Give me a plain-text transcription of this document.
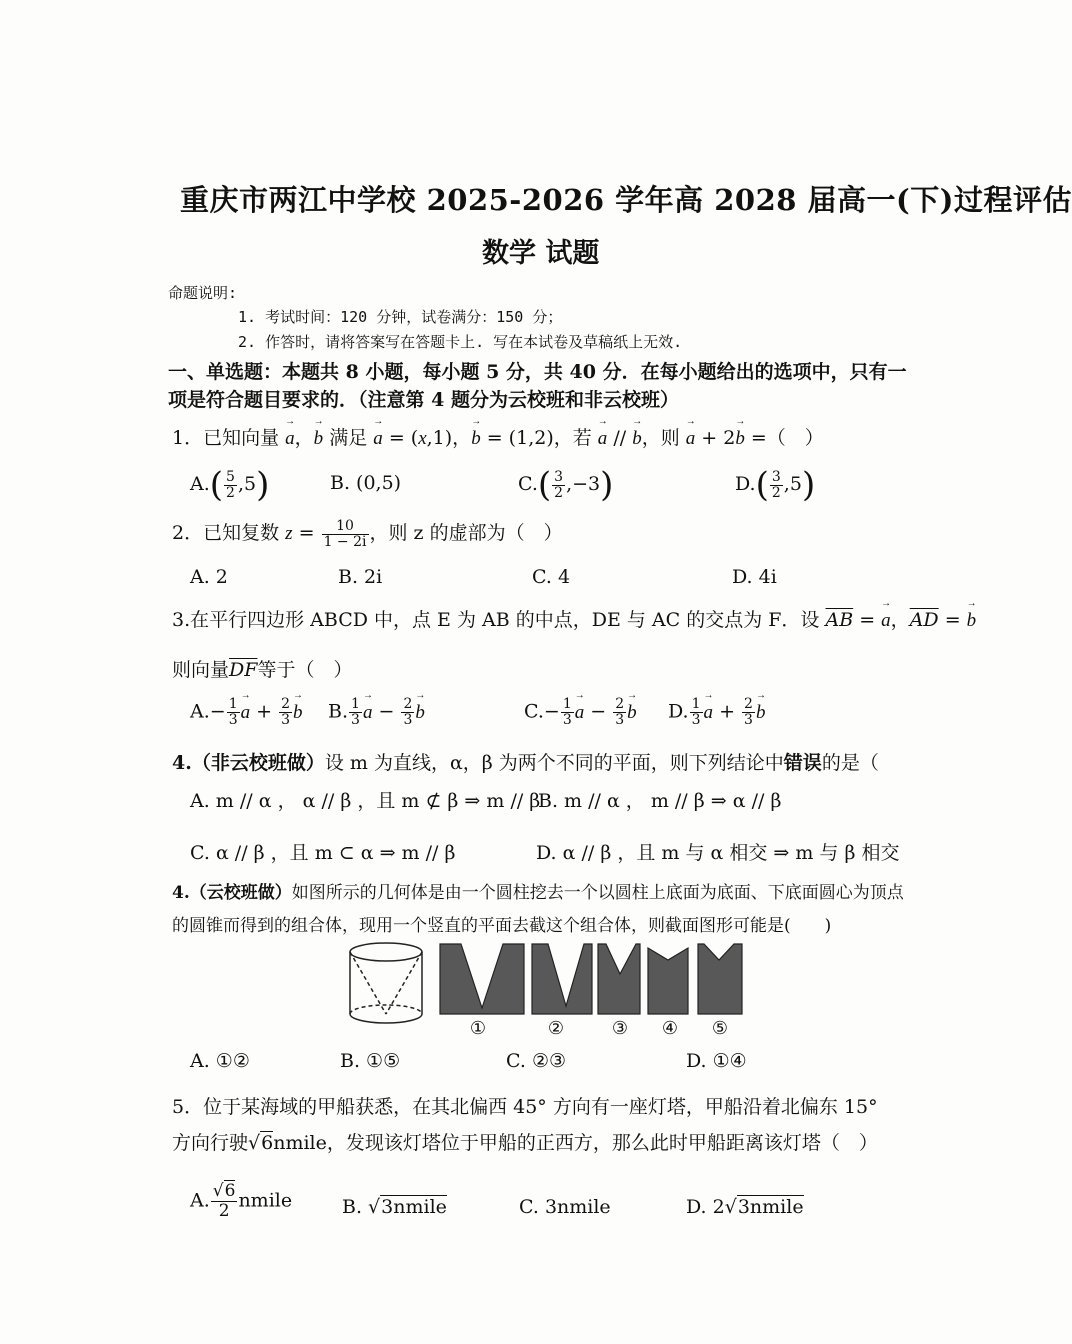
重庆市两江中学校 2025-2026 学年高 2028 届高一(下)过程评估
数学 试题
命题说明:
1. 考试时间：120 分钟，试卷满分：150 分；
2. 作答时，请将答案写在答题卡上. 写在本试卷及草稿纸上无效.
一、单选题：本题共 8 小题，每小题 5 分，共 40 分．在每小题给出的选项中，只有一
项是符合题目要求的．（注意第 4 题分为云校班和非云校班）
1．已知向量 → a，→ b 满足 → a = (x,1)，→ b = (1,2)，若 → a // → b，则 → a + 2→ b =（　）
$A.( \frac{5}{2} ,5)$	B. (0,5)	$C.( \frac{3}{2} ,-3)$	$D.( \frac{3}{2} ,5)$
2．已知复数 $z = \frac{10}{1 - 2i}$ ，则 z 的虚部为（　）
A. 2	B. 2i	C. 4	D. 4i
3.在平行四边形 ABCD 中，点 E 为 AB 的中点，DE 与 AC 的交点为 F．设 $\overline{AB}$ = → a，$\overline{AD}$ = → b
则向量$\overline{DF}$等于（　）
$A.- \frac{1}{3} \to a + \frac{2}{3} \to b$ B. $\frac{1}{3} \to a - \frac{2}{3} \to b$	$C.- \frac{1}{3} \to a - \frac{2}{3} \to b$ D. $\frac{1}{3} \to a + \frac{2}{3} \to b$
4.（非云校班做）设 m 为直线，α，β 为两个不同的平面，则下列结论中错误的是（
A. m // α ， α // β ，且 m ⊄ β ⇒ m // β
B. m // α ， m // β ⇒ α // β
C. α // β ，且 m ⊂ α ⇒ m // β	D. α // β ，且 m 与 α 相交 ⇒ m 与 β 相交
4.（云校班做）如图所示的几何体是由一个圆柱挖去一个以圆柱上底面为底面、下底面圆心为顶点
的圆锥而得到的组合体，现用一个竖直的平面去截这个组合体，则截面图形可能是(　　)
①	②	③ ④ ⑤
A. ①②	B. ①⑤	C. ②③	D. ①④
5．位于某海域的甲船获悉，在其北偏西 45° 方向有一座灯塔，甲船沿着北偏东 15°
方向行驶√6nmile，发现该灯塔位于甲船的正西方，那么此时甲船距离该灯塔（　）
A. $\frac{√6}{2}$ nmile	B. √3nmile	C. 3nmile	D. 2√3nmile
